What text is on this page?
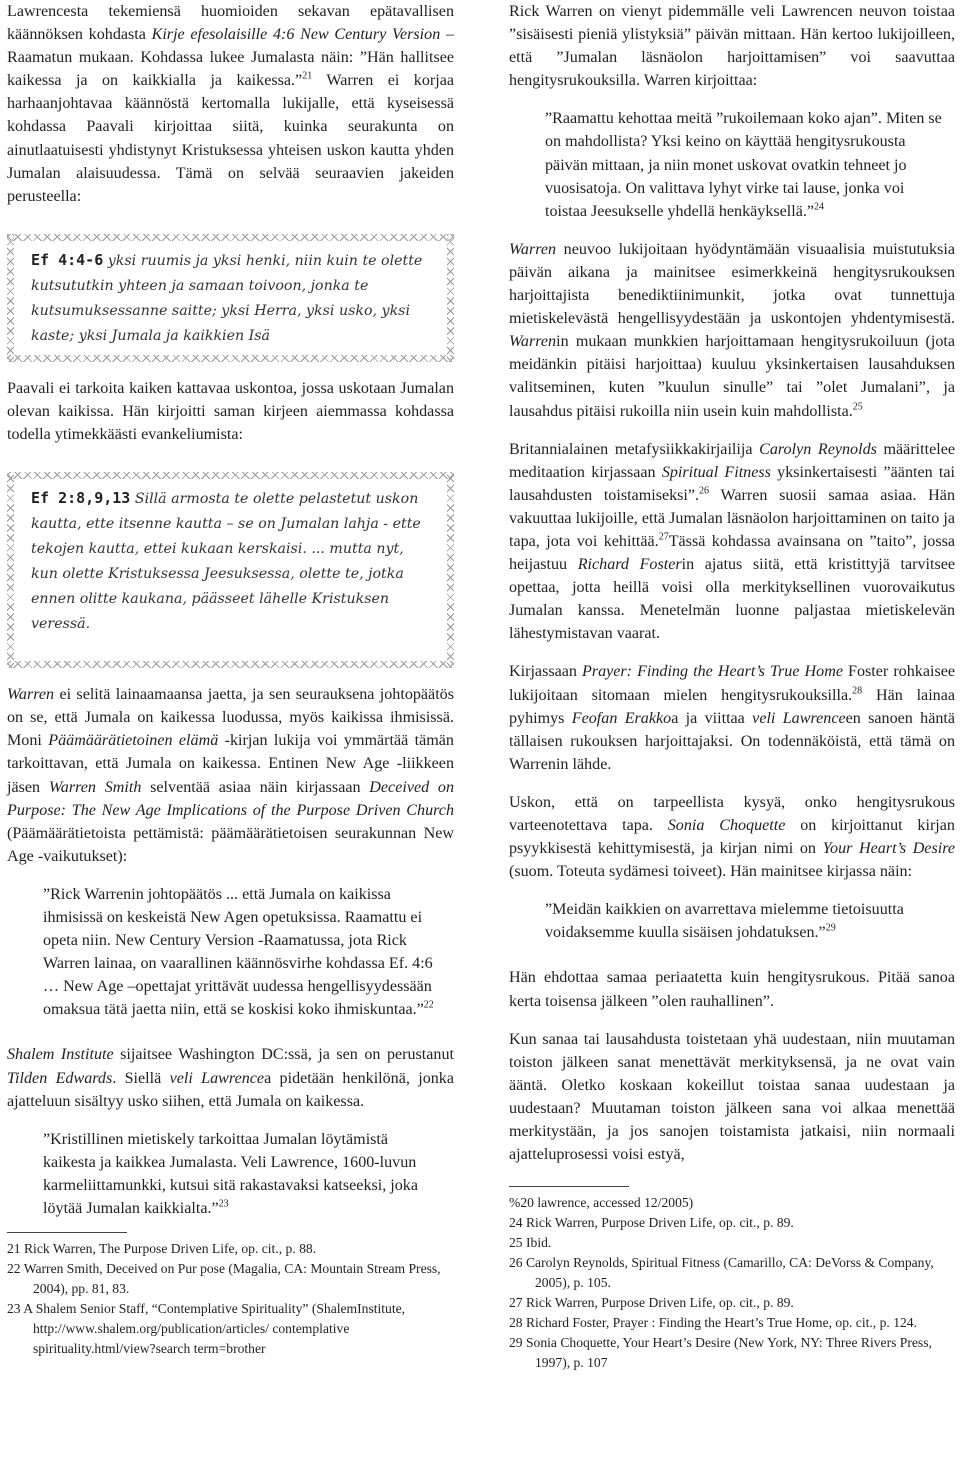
Lawrencesta tekemiensä huomioiden sekavan epätavallisen käännöksen kohdasta Kirje efesolaisille 4:6 New Century Version –Raamatun mukaan. Kohdassa lukee Jumalasta näin: ”Hän hallitsee kaikessa ja on kaikkialla ja kaikessa.”$^{21}$ Warren ei korjaa harhaanjohtavaa käännöstä kertomalla lukijalle, että kyseisessä kohdassa Paavali kirjoittaa siitä, kuinka seurakunta on ainutlaatuisesti yhdistynyt Kristuksessa yhteisen uskon kautta yhden Jumalan alaisuudessa. Tämä on selvää seuraavien jakeiden perusteella:

Ef 4:4-6 yksi ruumis ja yksi henki, niin kuin te olette kutsututkin yhteen ja samaan toivoon, jonka te kutsumuksessanne saitte; yksi Herra, yksi usko, yksi kaste; yksi Jumala ja kaikkien Isä

Paavali ei tarkoita kaiken kattavaa uskontoa, jossa uskotaan Jumalan olevan kaikissa. Hän kirjoitti saman kirjeen aiemmassa kohdassa todella ytimekkäästi evankeliumista:

Ef 2:8,9,13 Sillä armosta te olette pelastetut uskon kautta, ette itsenne kautta – se on Jumalan lahja - ette tekojen kautta, ettei kukaan kerskaisi. ... mutta nyt, kun olette Kristuksessa Jeesuksessa, olette te, jotka ennen olitte kaukana, päässeet lähelle Kristuksen veressä.

Warren ei selitä lainaamaansa jaetta, ja sen seurauksena johtopäätös on se, että Jumala on kaikessa luodussa, myös kaikissa ihmisissä. Moni Päämäärätietoinen elämä -kirjan lukija voi ymmärtää tämän tarkoittavan, että Jumala on kaikessa. Entinen New Age -liikkeen jäsen Warren Smith selventää asiaa näin kirjassaan Deceived on Purpose: The New Age Implications of the Purpose Driven Church (Päämäärätietoista pettämistä: päämäärätietoisen seurakunnan New Age -vaikutukset):

”Rick Warrenin johtopäätös ... että Jumala on kaikissa ihmisissä on keskeistä New Agen opetuksissa. Raamattu ei opeta niin. New Century Version -Raamatussa, jota Rick Warren lainaa, on vaarallinen käännösvirhe kohdassa Ef. 4:6 … New Age –opettajat yrittävät uudessa hengellisyydessään omaksua tätä jaetta niin, että se koskisi koko ihmiskuntaa.”$^{22}$

Shalem Institute sijaitsee Washington DC:ssä, ja sen on perustanut Tilden Edwards. Siellä veli Lawrencea pidetään henkilönä, jonka ajatteluun sisältyy usko siihen, että Jumala on kaikessa.

”Kristillinen mietiskely tarkoittaa Jumalan löytämistä kaikesta ja kaikkea Jumalasta. Veli Lawrence, 1600-luvun karmeliittamunkki, kutsui sitä rakastavaksi katseeksi, joka löytää Jumalan kaikkialta.”$^{23}$

21 Rick Warren, The Purpose Driven Life, op. cit., p. 88.

22 Warren Smith, Deceived on Pur pose (Magalia, CA: Mountain Stream Press, 2004), pp. 81, 83.

23 A Shalem Senior Staff, “Contemplative Spirituality” (ShalemInstitute, http://www.shalem.org/publication/articles/ contemplative spirituality.html/view?search term=brother

Rick Warren on vienyt pidemmälle veli Lawrencen neuvon toistaa ”sisäisesti pieniä ylistyksiä” päivän mittaan. Hän kertoo lukijoilleen, että ”Jumalan läsnäolon harjoittamisen” voi saavuttaa hengitysrukouksilla. Warren kirjoittaa:

”Raamattu kehottaa meitä ”rukoilemaan koko ajan”. Miten se on mahdollista? Yksi keino on käyttää hengitysrukousta päivän mittaan, ja niin monet uskovat ovatkin tehneet jo vuosisatoja. On valittava lyhyt virke tai lause, jonka voi toistaa Jeesukselle yhdellä henkäyksellä.”$^{24}$

Warren neuvoo lukijoitaan hyödyntämään visuaalisia muistutuksia päivän aikana ja mainitsee esimerkkeinä hengitysrukouksen harjoittajista benediktiinimunkit, jotka ovat tunnettuja mietiskelevästä hengellisyydestään ja uskontojen yhdentymisestä. Warrenin mukaan munkkien harjoittamaan hengitysrukoiluun (jota meidänkin pitäisi harjoittaa) kuuluu yksinkertaisen lausahduksen valitseminen, kuten ”kuulun sinulle” tai ”olet Jumalani”, ja lausahdus pitäisi rukoilla niin usein kuin mahdollista.$^{25}$

Britannialainen metafysiikkakirjailija Carolyn Reynolds määrittelee meditaation kirjassaan Spiritual Fitness yksinkertaisesti ”äänten tai lausahdusten toistamiseksi”.$^{26}$ Warren suosii samaa asiaa. Hän vakuuttaa lukijoille, että Jumalan läsnäolon harjoittaminen on taito ja tapa, jota voi kehittää.$^{27}$Tässä kohdassa avainsana on ”taito”, jossa heijastuu Richard Fosterin ajatus siitä, että kristittyjä tarvitsee opettaa, jotta heillä voisi olla merkityksellinen vuorovaikutus Jumalan kanssa. Menetelmän luonne paljastaa mietiskelevän lähestymistavan vaarat.

Kirjassaan Prayer: Finding the Heart’s True Home Foster rohkaisee lukijoitaan sitomaan mielen hengitysrukouksilla.$^{28}$ Hän lainaa pyhimys Feofan Erakkoa ja viittaa veli Lawrenceen sanoen häntä tällaisen rukouksen harjoittajaksi. On todennäköistä, että tämä on Warrenin lähde.

Uskon, että on tarpeellista kysyä, onko hengitysrukous varteenotettava tapa. Sonia Choquette on kirjoittanut kirjan psyykkisestä kehittymisestä, ja kirjan nimi on Your Heart’s Desire (suom. Toteuta sydämesi toiveet). Hän mainitsee kirjassa näin:

”Meidän kaikkien on avarrettava mielemme tietoisuutta voidaksemme kuulla sisäisen johdatuksen.”$^{29}$

Hän ehdottaa samaa periaatetta kuin hengitysrukous. Pitää sanoa kerta toisensa jälkeen ”olen rauhallinen”.

Kun sanaa tai lausahdusta toistetaan yhä uudestaan, niin muutaman toiston jälkeen sanat menettävät merkityksensä, ja ne ovat vain ääntä. Oletko koskaan kokeillut toistaa sanaa uudestaan ja uudestaan? Muutaman toiston jälkeen sana voi alkaa menettää merkitystään, ja jos sanojen toistamista jatkaisi, niin normaali ajatteluprosessi voisi estyä,

%20 lawrence, accessed 12/2005)

24 Rick Warren, Purpose Driven Life, op. cit., p. 89.

25 Ibid.

26 Carolyn Reynolds, Spiritual Fitness (Camarillo, CA: DeVorss & Company, 2005), p. 105.

27 Rick Warren, Purpose Driven Life, op. cit., p. 89.

28 Richard Foster, Prayer : Finding the Heart’s True Home, op. cit., p. 124.

29 Sonia Choquette, Your Heart’s Desire (New York, NY: Three Rivers Press, 1997), p. 107
